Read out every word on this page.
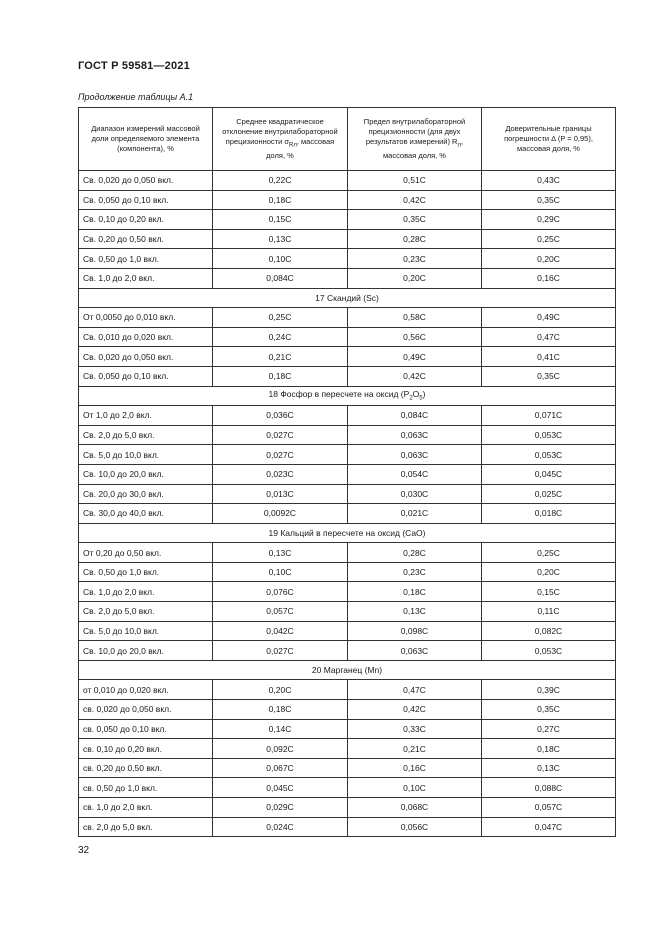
ГОСТ Р 59581—2021
Продолжение таблицы А.1
Диапазон измерений массовой доли определяемого элемента (компонента), %	Среднее квадратическое отклонение внутрилабораторной прецизионности $\sigma_{Rл}$, массовая доля, %	Предел внутрилабораторной прецизионности (для двух результатов измерений) $R_л$, массовая доля, %	Доверительные границы погрешности Δ (P = 0,95), массовая доля, %
Св. 0,020 до 0,050 вкл.	0,22C	0,51C	0,43C
Св. 0,050 до 0,10 вкл.	0,18C	0,42C	0,35C
Св. 0,10 до 0,20 вкл.	0,15C	0,35C	0,29C
Св. 0,20 до 0,50 вкл.	0,13C	0,28C	0,25C
Св. 0,50 до 1,0 вкл.	0,10C	0,23C	0,20C
Св. 1,0 до 2,0 вкл.	0,084C	0,20C	0,16C
17 Скандий (Sc)			
От 0,0050 до 0,010 вкл.	0,25C	0,58C	0,49C
Св. 0,010 до 0,020 вкл.	0,24C	0,56C	0,47C
Св. 0,020 до 0,050 вкл.	0,21C	0,49C	0,41C
Св. 0,050 до 0,10 вкл.	0,18C	0,42C	0,35C
18 Фосфор в пересчете на оксид $(P_2O_5)$			
От 1,0 до 2,0 вкл.	0,036C	0,084C	0,071C
Св. 2,0 до 5,0 вкл.	0,027C	0,063C	0,053C
Св. 5,0 до 10,0 вкл.	0,027C	0,063C	0,053C
Св. 10,0 до 20,0 вкл.	0,023C	0,054C	0,045C
Св. 20,0 до 30,0 вкл.	0,013C	0,030C	0,025C
Св. 30,0 до 40,0 вкл.	0,0092C	0,021C	0,018C
19 Кальций в пересчете на оксид (CaO)			
От 0,20 до 0,50 вкл.	0,13C	0,28C	0,25C
Св. 0,50 до 1,0 вкл.	0,10C	0,23C	0,20C
Св. 1,0 до 2,0 вкл.	0,076C	0,18C	0,15C
Св. 2,0 до 5,0 вкл.	0,057C	0,13C	0,11C
Св. 5,0 до 10,0 вкл.	0,042C	0,098C	0,082C
Св. 10,0 до 20,0 вкл.	0,027C	0,063C	0,053C
20 Марганец (Mn)			
от 0,010 до 0,020 вкл.	0,20C	0,47C	0,39C
св. 0,020 до 0,050 вкл.	0,18C	0,42C	0,35C
св. 0,050 до 0,10 вкл.	0,14C	0,33C	0,27C
св. 0,10 до 0,20 вкл.	0,092C	0,21C	0,18C
св. 0,20 до 0,50 вкл.	0,067C	0,16C	0,13C
св. 0,50 до 1,0 вкл.	0,045C	0,10C	0,088C
св. 1,0 до 2,0 вкл.	0,029C	0,068C	0,057C
св. 2,0 до 5,0 вкл.	0,024C	0,056C	0,047C
32
